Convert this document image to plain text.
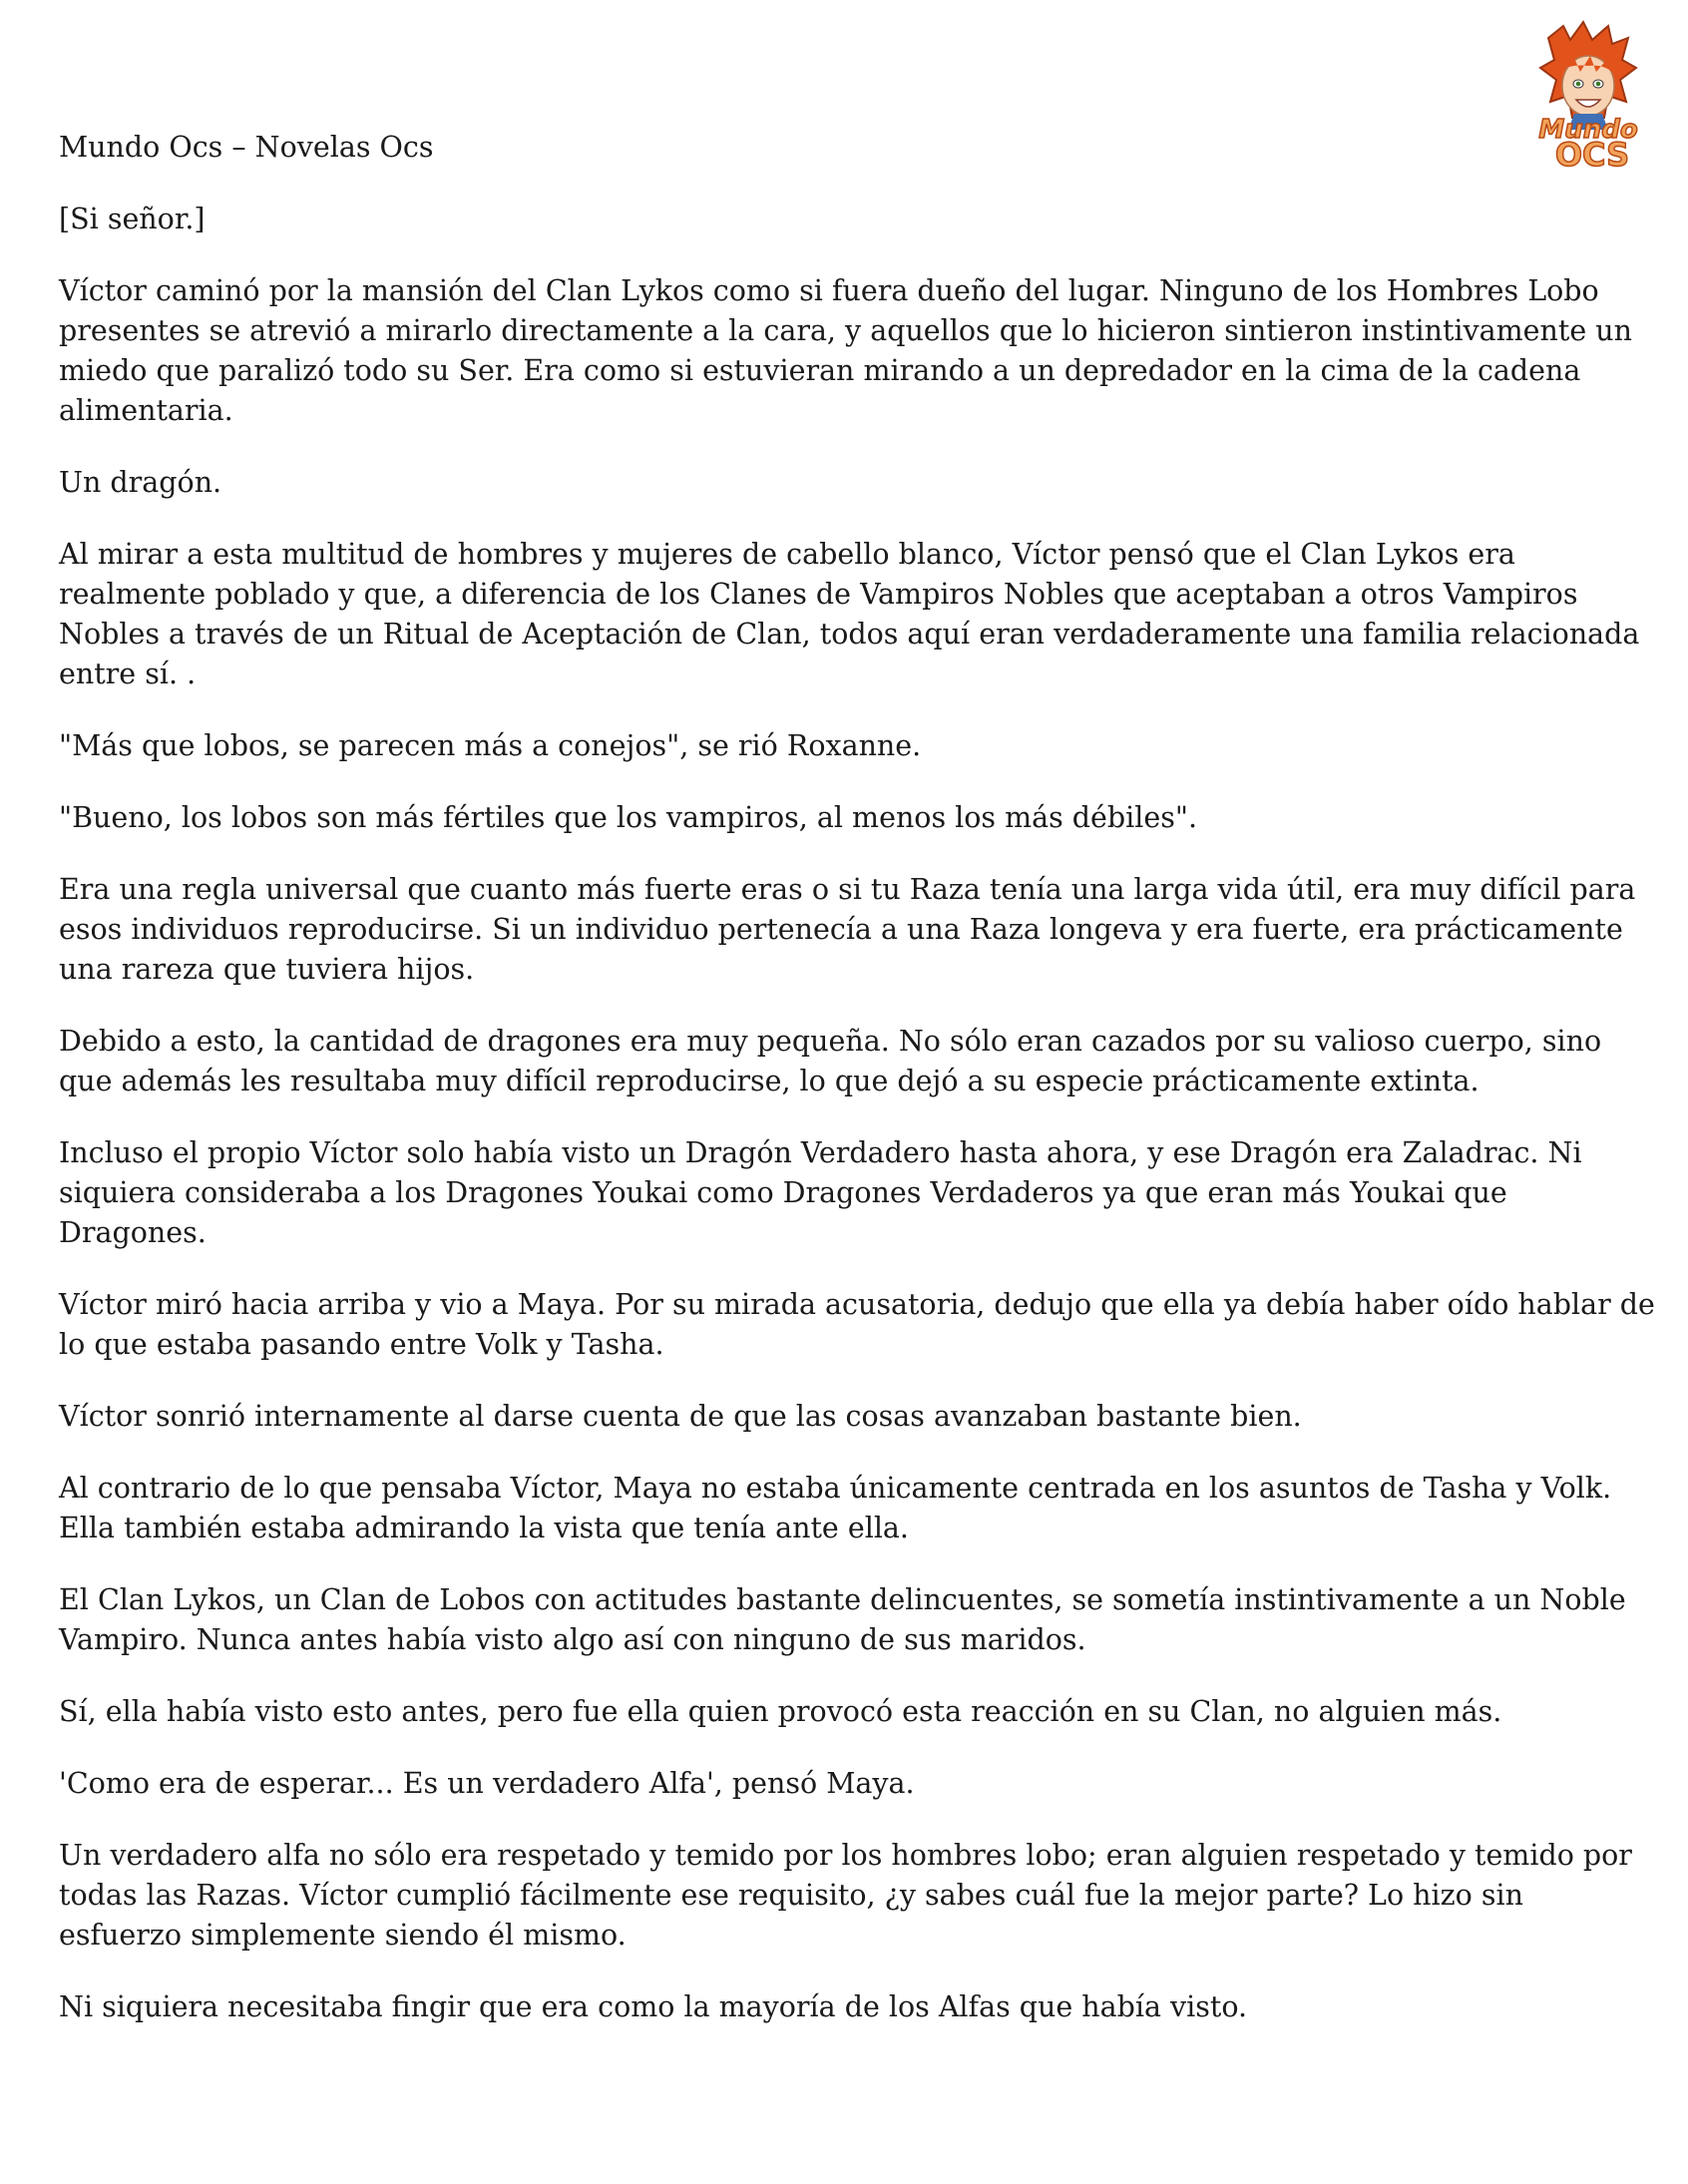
Mundo
OCS

Mundo Ocs – Novelas Ocs

[Si señor.]

Víctor caminó por la mansión del Clan Lykos como si fuera dueño del lugar. Ninguno de los Hombres Lobo presentes se atrevió a mirarlo directamente a la cara, y aquellos que lo hicieron sintieron instintivamente un miedo que paralizó todo su Ser. Era como si estuvieran mirando a un depredador en la cima de la cadena alimentaria.

Un dragón.

Al mirar a esta multitud de hombres y mujeres de cabello blanco, Víctor pensó que el Clan Lykos era realmente poblado y que, a diferencia de los Clanes de Vampiros Nobles que aceptaban a otros Vampiros Nobles a través de un Ritual de Aceptación de Clan, todos aquí eran verdaderamente una familia relacionada entre sí. .

"Más que lobos, se parecen más a conejos", se rió Roxanne.

"Bueno, los lobos son más fértiles que los vampiros, al menos los más débiles".

Era una regla universal que cuanto más fuerte eras o si tu Raza tenía una larga vida útil, era muy difícil para esos individuos reproducirse. Si un individuo pertenecía a una Raza longeva y era fuerte, era prácticamente una rareza que tuviera hijos.

Debido a esto, la cantidad de dragones era muy pequeña. No sólo eran cazados por su valioso cuerpo, sino que además les resultaba muy difícil reproducirse, lo que dejó a su especie prácticamente extinta.

Incluso el propio Víctor solo había visto un Dragón Verdadero hasta ahora, y ese Dragón era Zaladrac. Ni siquiera consideraba a los Dragones Youkai como Dragones Verdaderos ya que eran más Youkai que Dragones.

Víctor miró hacia arriba y vio a Maya. Por su mirada acusatoria, dedujo que ella ya debía haber oído hablar de lo que estaba pasando entre Volk y Tasha.

Víctor sonrió internamente al darse cuenta de que las cosas avanzaban bastante bien.

Al contrario de lo que pensaba Víctor, Maya no estaba únicamente centrada en los asuntos de Tasha y Volk. Ella también estaba admirando la vista que tenía ante ella.

El Clan Lykos, un Clan de Lobos con actitudes bastante delincuentes, se sometía instintivamente a un Noble Vampiro. Nunca antes había visto algo así con ninguno de sus maridos.

Sí, ella había visto esto antes, pero fue ella quien provocó esta reacción en su Clan, no alguien más.

'Como era de esperar... Es un verdadero Alfa', pensó Maya.

Un verdadero alfa no sólo era respetado y temido por los hombres lobo; eran alguien respetado y temido por todas las Razas. Víctor cumplió fácilmente ese requisito, ¿y sabes cuál fue la mejor parte? Lo hizo sin esfuerzo simplemente siendo él mismo.

Ni siquiera necesitaba fingir que era como la mayoría de los Alfas que había visto.
